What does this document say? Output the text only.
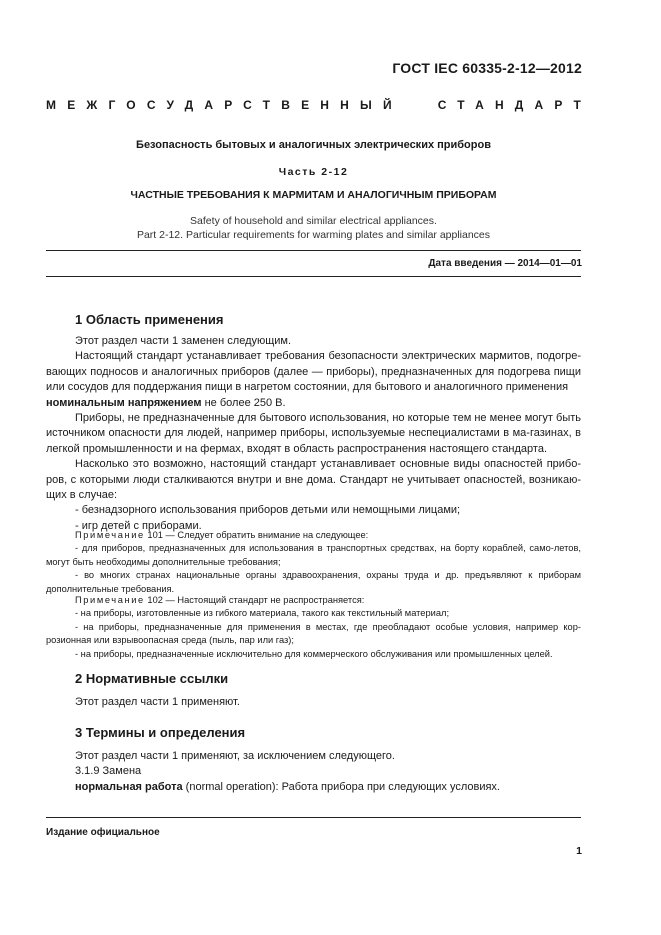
ГОСТ IEC 60335-2-12—2012
МЕЖГОСУДАРСТВЕННЫЙ	СТАНДАРТ
Безопасность бытовых и аналогичных электрических приборов
Часть 2-12
ЧАСТНЫЕ ТРЕБОВАНИЯ К МАРМИТАМ И АНАЛОГИЧНЫМ ПРИБОРАМ
Safety of household and similar electrical appliances.
Part 2-12. Particular requirements for warming plates and similar appliances
Дата введения — 2014—01—01
1 Область применения

Этот раздел части 1 заменен следующим.

Настоящий стандарт устанавливает требования безопасности электрических мармитов, подогре-вающих подносов и аналогичных приборов (далее — приборы), предназначенных для подогрева пищи или сосудов для поддержания пищи в нагретом состоянии, для бытового и аналогичного применения
номинальным напряжением не более 250 В.

Приборы, не предназначенные для бытового использования, но которые тем не менее могут быть источником опасности для людей, например приборы, используемые неспециалистами в ма-газинах, в легкой промышленности и на фермах, входят в область распространения настоящего стандарта.

Насколько это возможно, настоящий стандарт устанавливает основные виды опасностей прибо-ров, с которыми люди сталкиваются внутри и вне дома. Стандарт не учитывает опасностей, возникаю-щих в случае:

- безнадзорного использования приборов детьми или немощными лицами;

- игр детей с приборами.

Примечание 101 — Следует обратить внимание на следующее:

- для приборов, предназначенных для использования в транспортных средствах, на борту кораблей, само-летов, могут быть необходимы дополнительные требования;

- во многих странах национальные органы здравоохранения, охраны труда и др. предъявляют к приборам дополнительные требования.

Примечание 102 — Настоящий стандарт не распространяется:

- на приборы, изготовленные из гибкого материала, такого как текстильный материал;

- на приборы, предназначенные для применения в местах, где преобладают особые условия, например кор-розионная или взрывоопасная среда (пыль, пар или газ);

- на приборы, предназначенные исключительно для коммерческого обслуживания или промышленных целей.

2 Нормативные ссылки

Этот раздел части 1 применяют.

3 Термины и определения

Этот раздел части 1 применяют, за исключением следующего.

3.1.9 Замена

нормальная работа (normal operation): Работа прибора при следующих условиях.

Издание официальное
1
